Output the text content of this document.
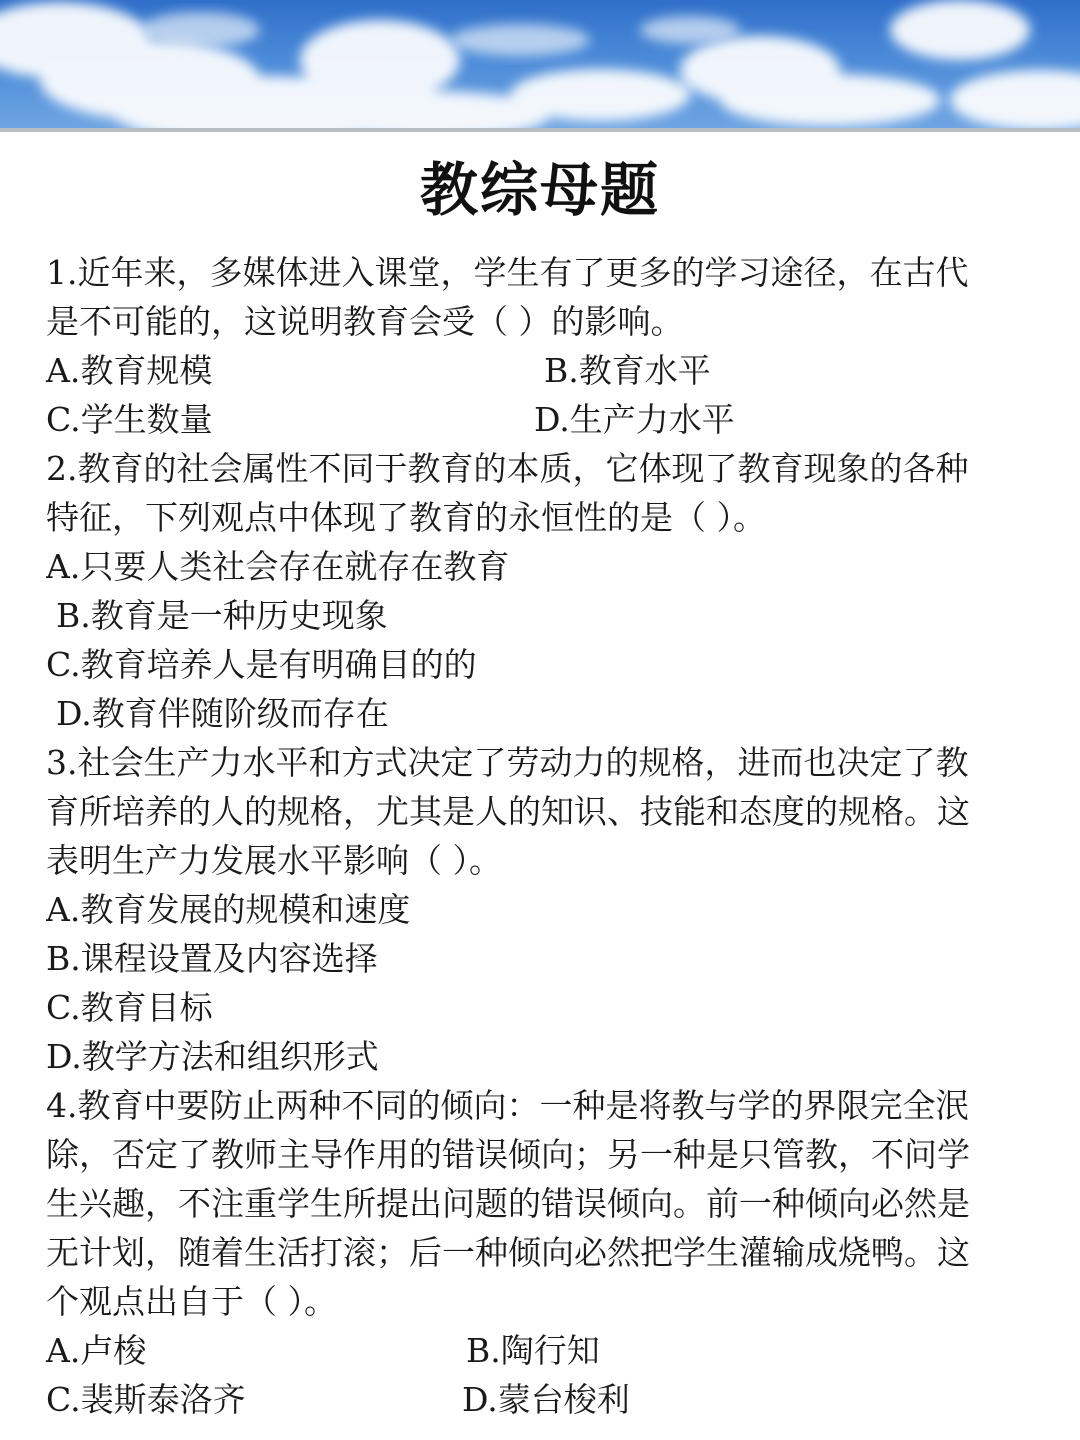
教综母题
1.近年来，多媒体进入课堂，学生有了更多的学习途径，在古代
是不可能的，这说明教育会受（ ）的影响。
A.教育规模	B.教育水平
C.学生数量	D.生产力水平
2.教育的社会属性不同于教育的本质，它体现了教育现象的各种
特征，下列观点中体现了教育的永恒性的是（ ）。
A.只要人类社会存在就存在教育
B.教育是一种历史现象
C.教育培养人是有明确目的的
D.教育伴随阶级而存在
3.社会生产力水平和方式决定了劳动力的规格，进而也决定了教
育所培养的人的规格，尤其是人的知识、技能和态度的规格。这
表明生产力发展水平影响（ ）。
A.教育发展的规模和速度
B.课程设置及内容选择
C.教育目标
D.教学方法和组织形式
4.教育中要防止两种不同的倾向：一种是将教与学的界限完全泯
除，否定了教师主导作用的错误倾向；另一种是只管教，不问学
生兴趣，不注重学生所提出问题的错误倾向。前一种倾向必然是
无计划，随着生活打滚；后一种倾向必然把学生灌输成烧鸭。这
个观点出自于（ ）。
A.卢梭	B.陶行知
C.裴斯泰洛齐	D.蒙台梭利
